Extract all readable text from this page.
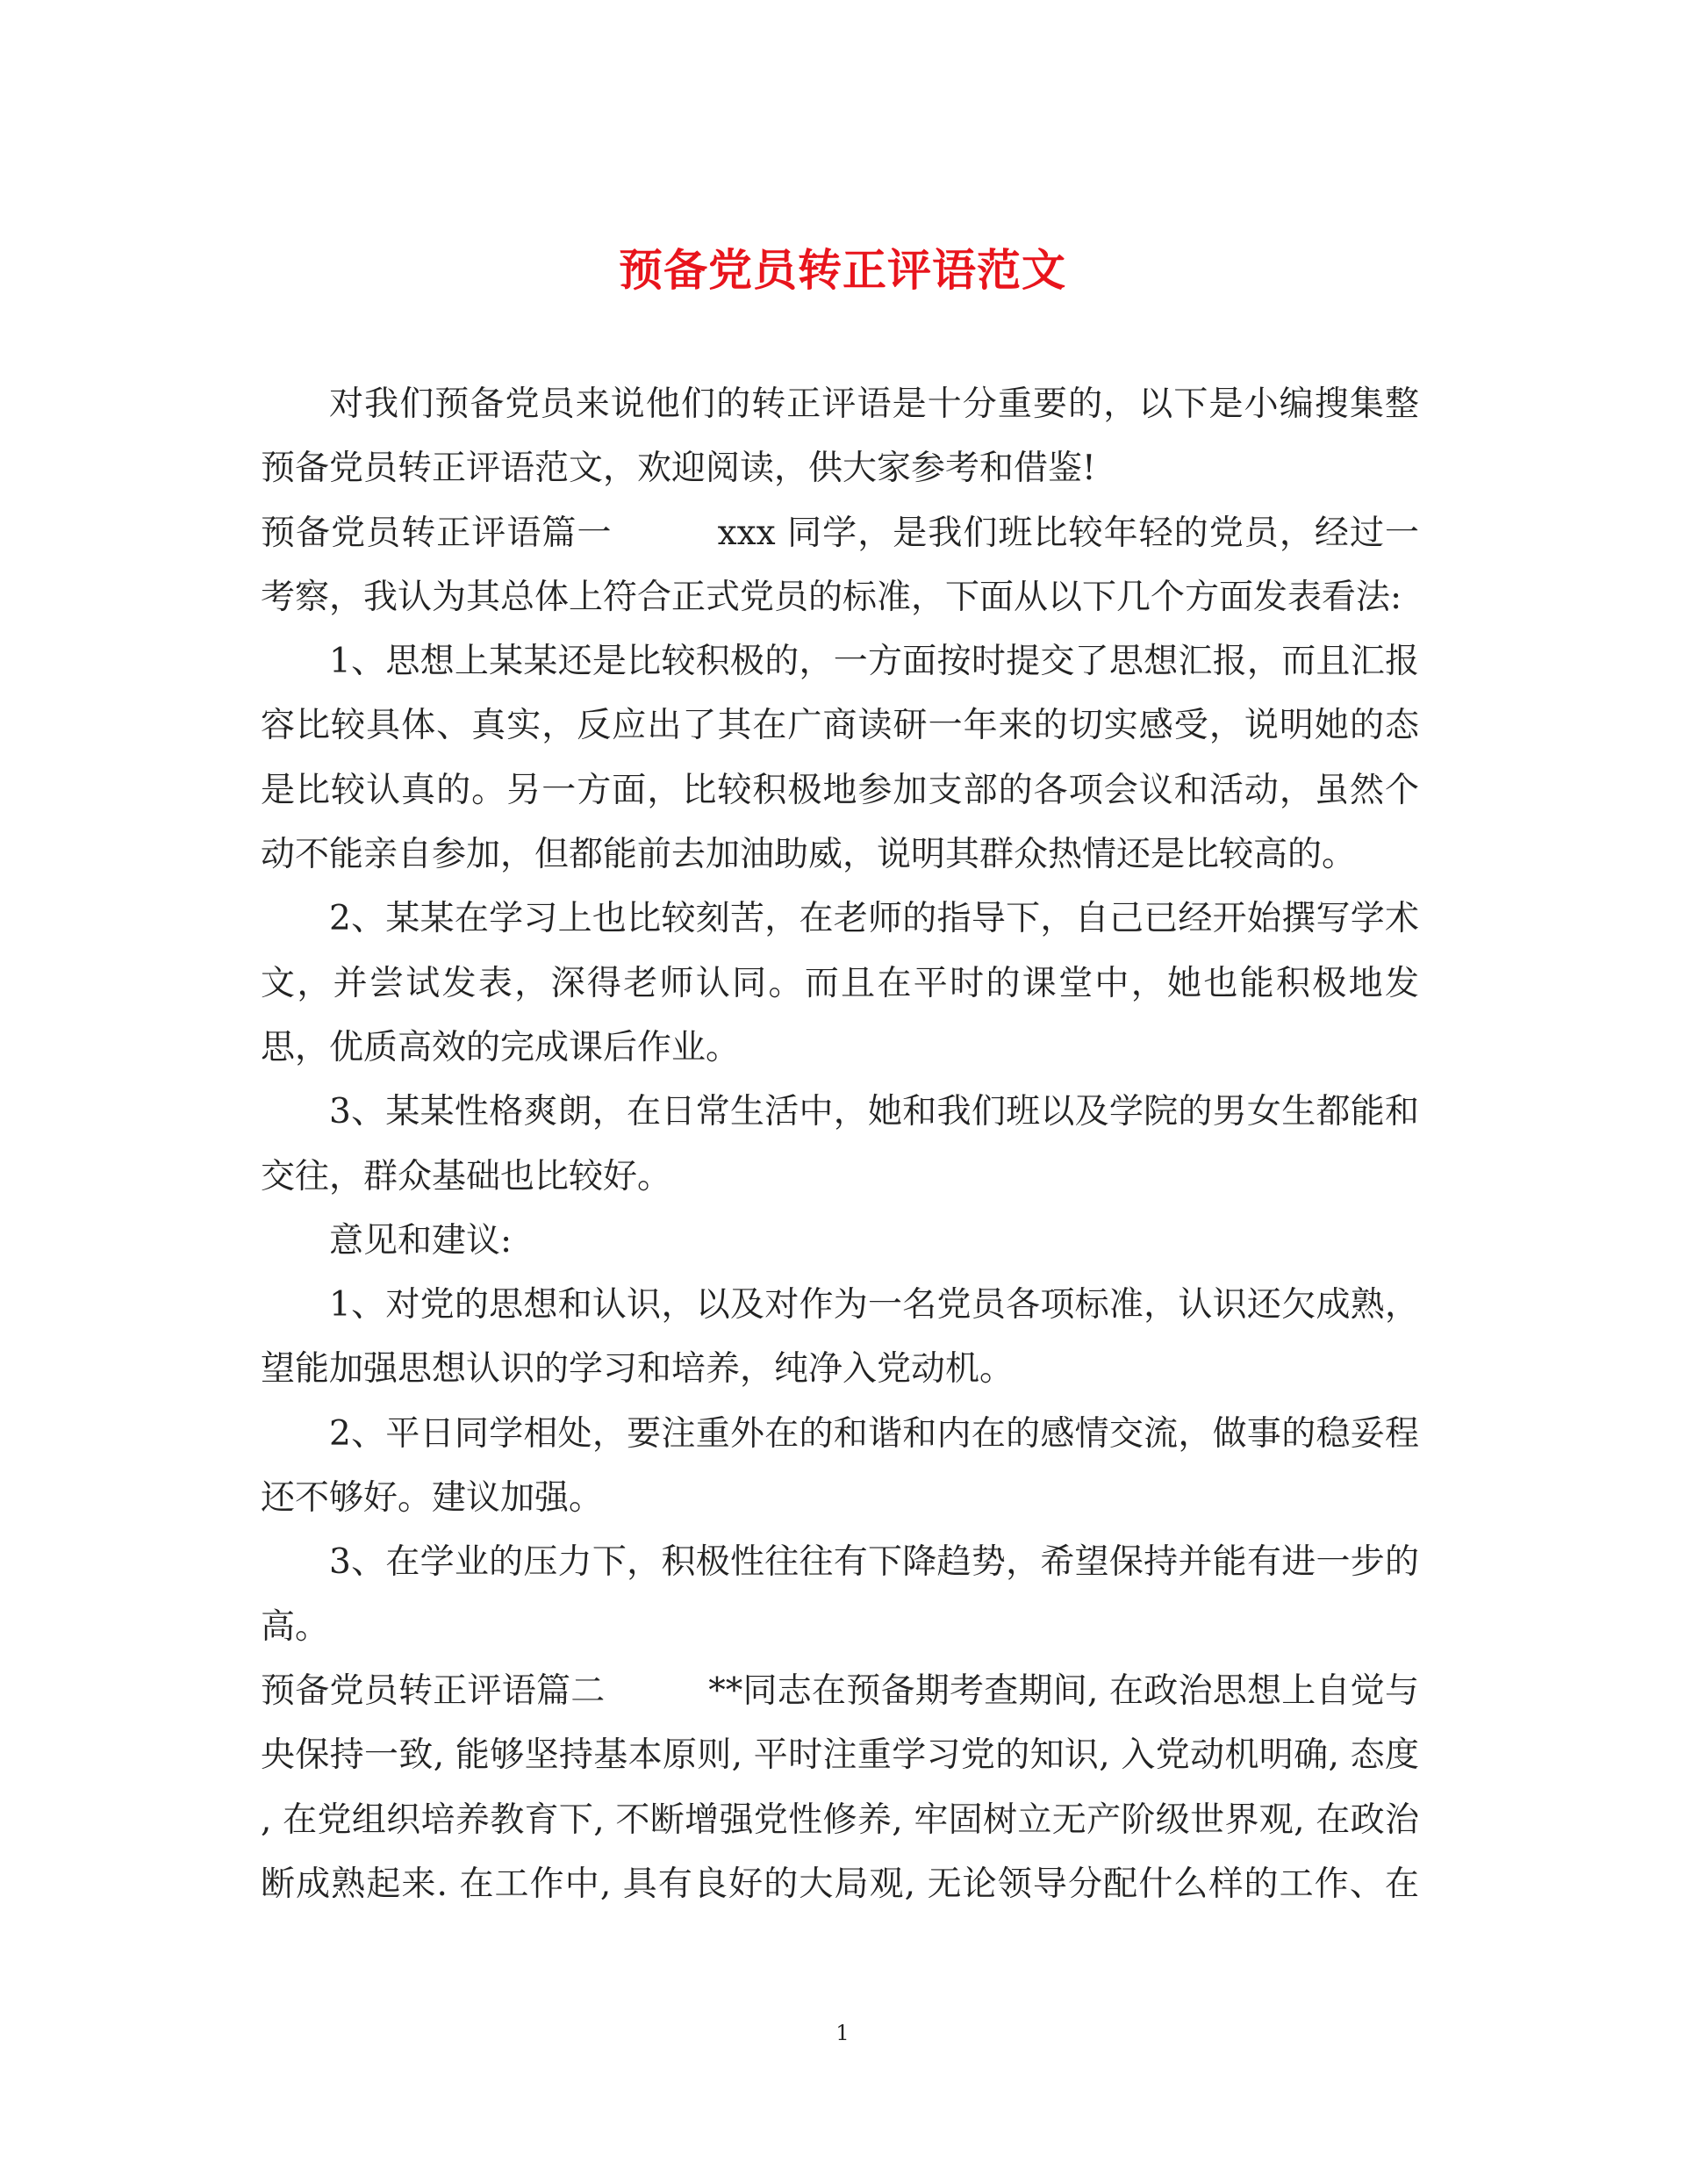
预备党员转正评语范文
对我们预备党员来说他们的转正评语是十分重要的，以下是小编搜集整
预备党员转正评语范文，欢迎阅读，供大家参考和借鉴!
预备党员转正评语篇一　　　xxx 同学，是我们班比较年轻的党员，经过一
考察，我认为其总体上符合正式党员的标准，下面从以下几个方面发表看法:
1、思想上某某还是比较积极的，一方面按时提交了思想汇报，而且汇报
容比较具体、真实，反应出了其在广商读研一年来的切实感受，说明她的态
是比较认真的。另一方面，比较积极地参加支部的各项会议和活动，虽然个
动不能亲自参加，但都能前去加油助威，说明其群众热情还是比较高的。
2、某某在学习上也比较刻苦，在老师的指导下，自己已经开始撰写学术
文，并尝试发表，深得老师认同。而且在平时的课堂中，她也能积极地发
思，优质高效的完成课后作业。
3、某某性格爽朗，在日常生活中，她和我们班以及学院的男女生都能和
交往，群众基础也比较好。
意见和建议:
1、对党的思想和认识，以及对作为一名党员各项标准，认识还欠成熟，
望能加强思想认识的学习和培养，纯净入党动机。
2、平日同学相处，要注重外在的和谐和内在的感情交流，做事的稳妥程
还不够好。建议加强。
3、在学业的压力下，积极性往往有下降趋势，希望保持并能有进一步的
高。
预备党员转正评语篇二　　　**同志在预备期考查期间, 在政治思想上自觉与
央保持一致, 能够坚持基本原则, 平时注重学习党的知识, 入党动机明确, 态度
, 在党组织培养教育下, 不断增强党性修养, 牢固树立无产阶级世界观, 在政治
断成熟起来. 在工作中, 具有良好的大局观, 无论领导分配什么样的工作、在
1
